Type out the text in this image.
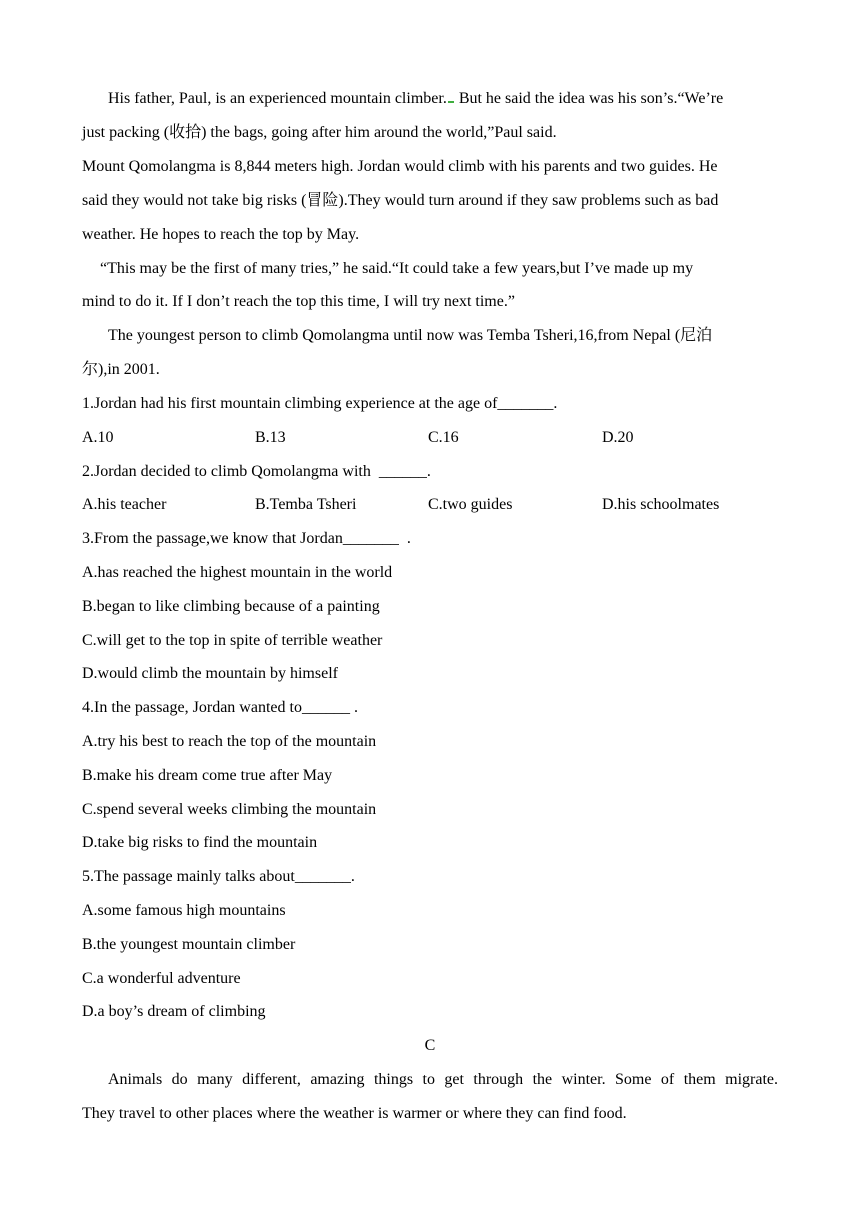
His father, Paul, is an experienced mountain climber. But he said the idea was his son’s.“We’re
just packing (收拾) the bags, going after him around the world,”Paul said.
Mount Qomolangma is 8,844 meters high. Jordan would climb with his parents and two guides. He
said they would not take big risks (冒险).They would turn around if they saw problems such as bad
weather. He hopes to reach the top by May.
“This may be the first of many tries,” he said.“It could take a few years,but I’ve made up my
mind to do it. If I don’t reach the top this time, I will try next time.”
The youngest person to climb Qomolangma until now was Temba Tsheri,16,from Nepal (尼泊
尔),in 2001.
1.Jordan had his first mountain climbing experience at the age of_______.
A.10	B.13	C.16	D.20
2.Jordan decided to climb Qomolangma with  ______.
A.his teacher	B.Temba Tsheri	C.two guides	D.his schoolmates
3.From the passage,we know that Jordan_______  .
A.has reached the highest mountain in the world
B.began to like climbing because of a painting
C.will get to the top in spite of terrible weather
D.would climb the mountain by himself
4.In the passage, Jordan wanted to______ .
A.try his best to reach the top of the mountain
B.make his dream come true after May
C.spend several weeks climbing the mountain
D.take big risks to find the mountain
5.The passage mainly talks about_______.
A.some famous high mountains
B.the youngest mountain climber
C.a wonderful adventure
D.a boy’s dream of climbing
C
Animals do many different, amazing things to get through the winter. Some of them migrate.
They travel to other places where the weather is warmer or where they can find food.
